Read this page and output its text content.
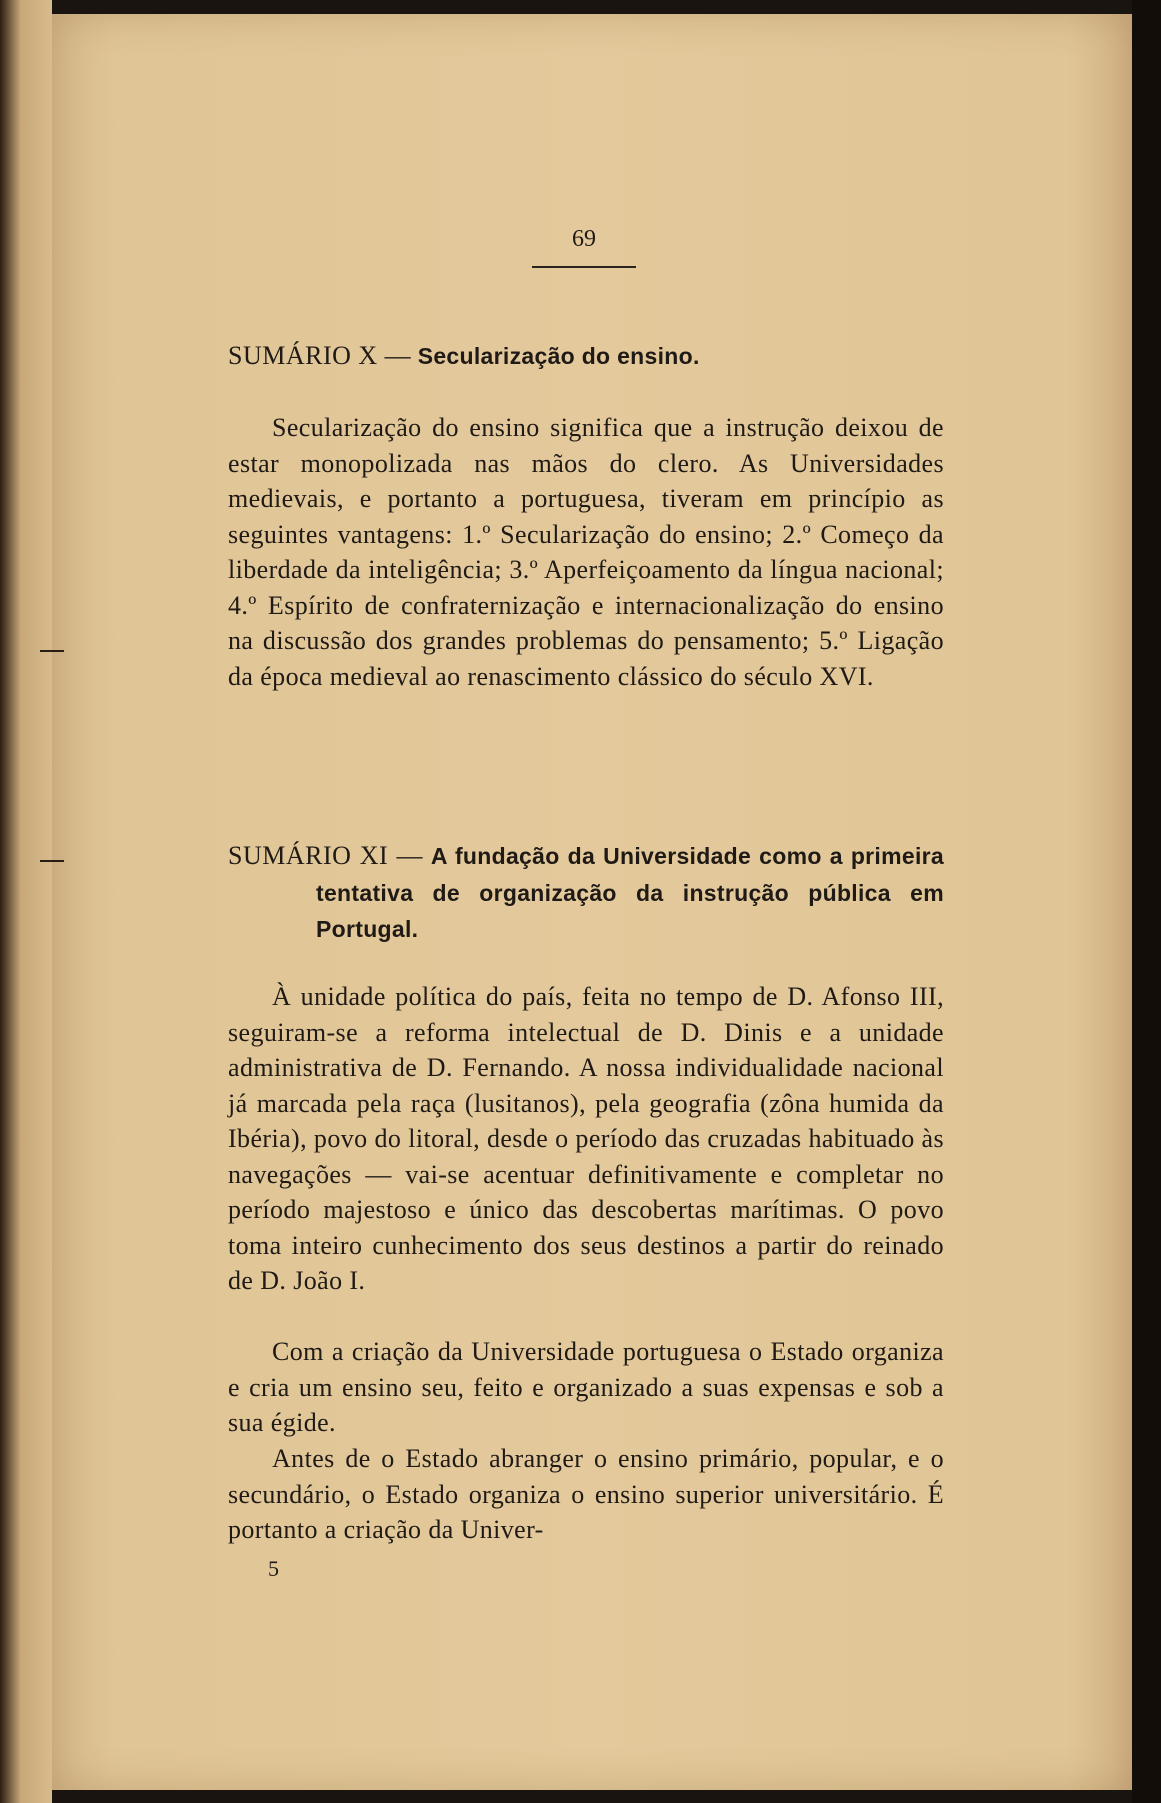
69
SUMÁRIO X — Secularização do ensino.

Secularização do ensino significa que a instrução deixou de estar monopolizada nas mãos do clero. As Universidades medievais, e portanto a portuguesa, tiveram em princípio as seguintes vantagens: 1.º Secularização do ensino; 2.º Começo da liberdade da inteligência; 3.º Aperfeiçoamento da língua nacional; 4.º Espírito de confraternização e internacionalização do ensino na discussão dos grandes problemas do pensamento; 5.º Ligação da época medieval ao renascimento clássico do século XVI.

SUMÁRIO XI — A fundação da Universidade como a primeira tentativa de organização da instrução pública em Portugal.

À unidade política do país, feita no tempo de D. Afonso III, seguiram-se a reforma intelectual de D. Dinis e a unidade administrativa de D. Fernando. A nossa individualidade nacional já marcada pela raça (lusitanos), pela geografia (zôna humida da Ibéria), povo do litoral, desde o período das cruzadas habituado às navegações — vai-se acentuar definitivamente e completar no período majestoso e único das descobertas marítimas. O povo toma inteiro cunhecimento dos seus destinos a partir do reinado de D. João I.

Com a criação da Universidade portuguesa o Estado organiza e cria um ensino seu, feito e organizado a suas expensas e sob a sua égide.

Antes de o Estado abranger o ensino primário, popular, e o secundário, o Estado organiza o ensino superior universitário. É portanto a criação da Univer-

5
